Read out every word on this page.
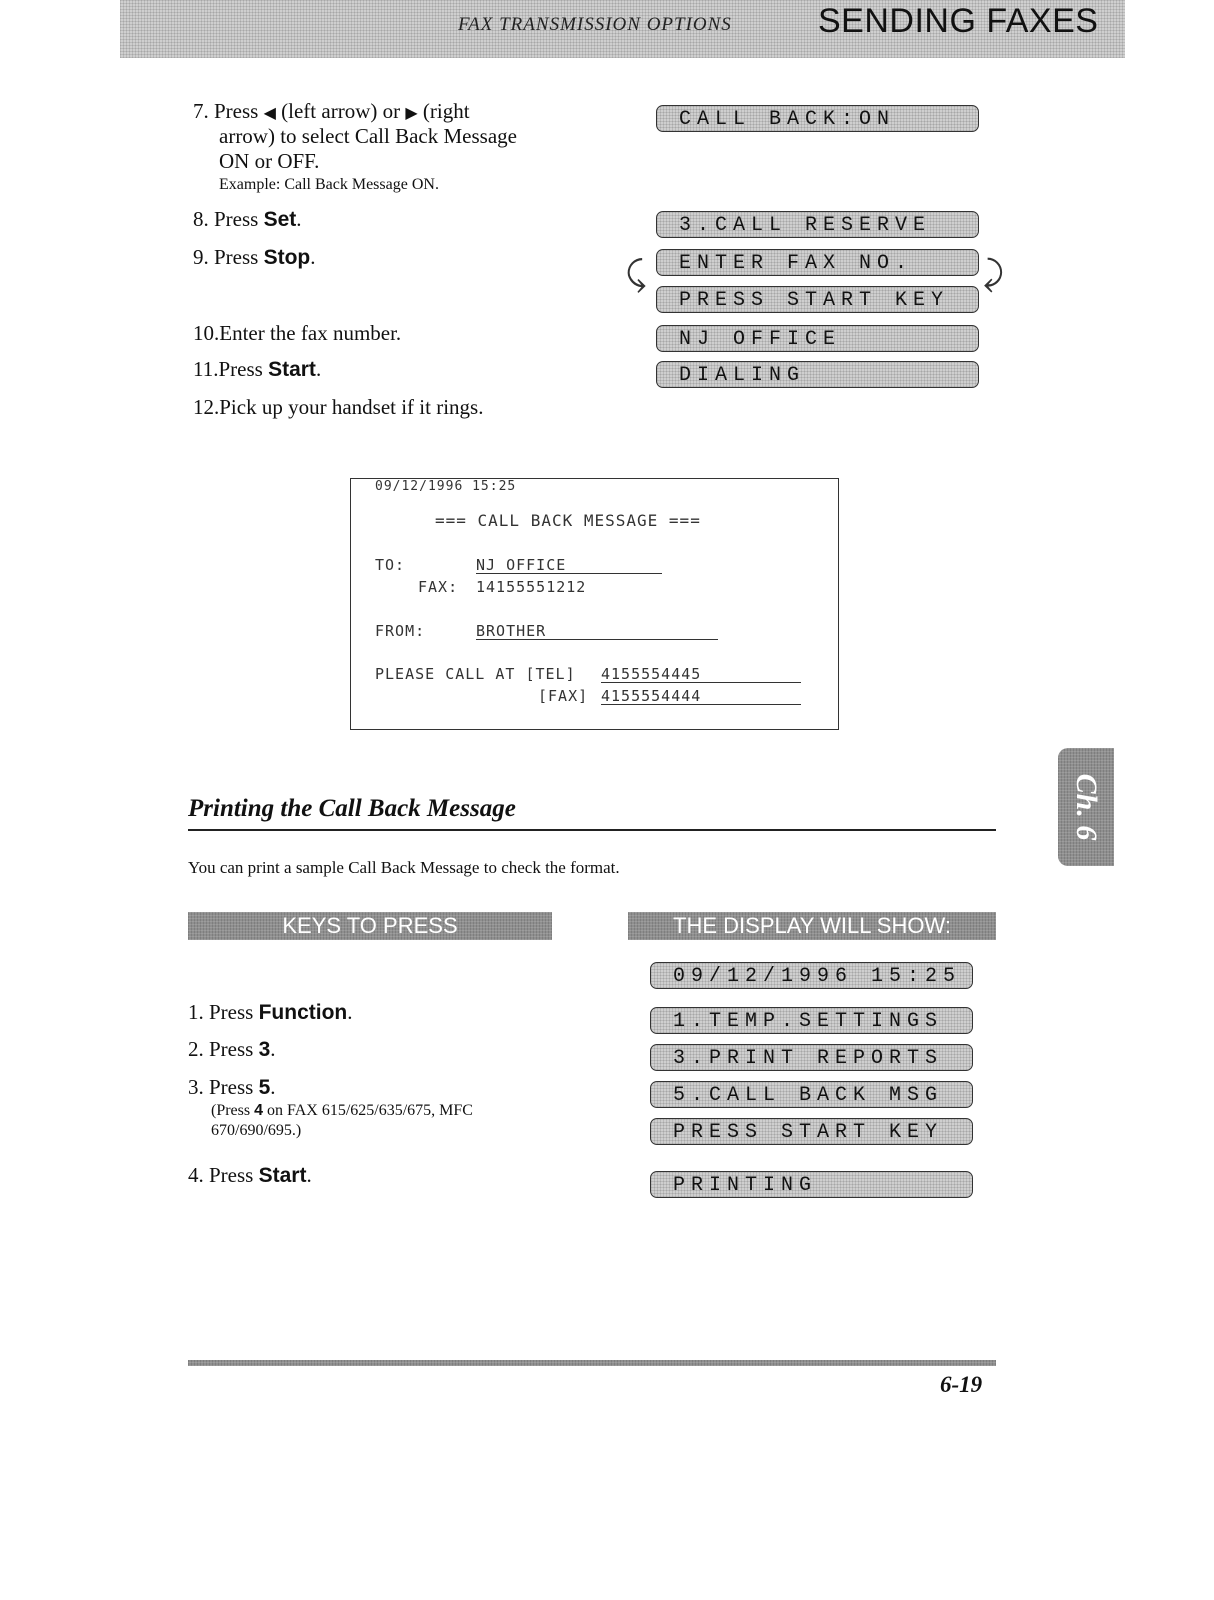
FAX TRANSMISSION OPTIONS	SENDING FAXES
7. Press ◀ (left arrow) or ▶ (right
arrow) to select Call Back Message
ON or OFF.
Example: Call Back Message ON.
8. Press Set.
9. Press Stop.
10.Enter the fax number.
11.Press Start.
12.Pick up your handset if it rings.
CALL BACK:ON
3.CALL RESERVE
ENTER FAX NO.
PRESS START KEY
NJ OFFICE
DIALING
⤹	⤸
09/12/1996 15:25
=== CALL BACK MESSAGE ===
TO:	NJ OFFICE
FAX: 14155551212
FROM:	BROTHER
PLEASE CALL AT [TEL] 4155554445
[FAX] 4155554444
Printing the Call Back Message
You can print a sample Call Back Message to check the format.
KEYS TO PRESS	THE DISPLAY WILL SHOW:
1. Press Function.
2. Press 3.
3. Press 5.
(Press 4 on FAX 615/625/635/675, MFC
670/690/695.)
4. Press Start.
09/12/1996 15:25
1.TEMP.SETTINGS
3.PRINT REPORTS
5.CALL BACK MSG
PRESS START KEY
PRINTING
Ch. 6
6-19
